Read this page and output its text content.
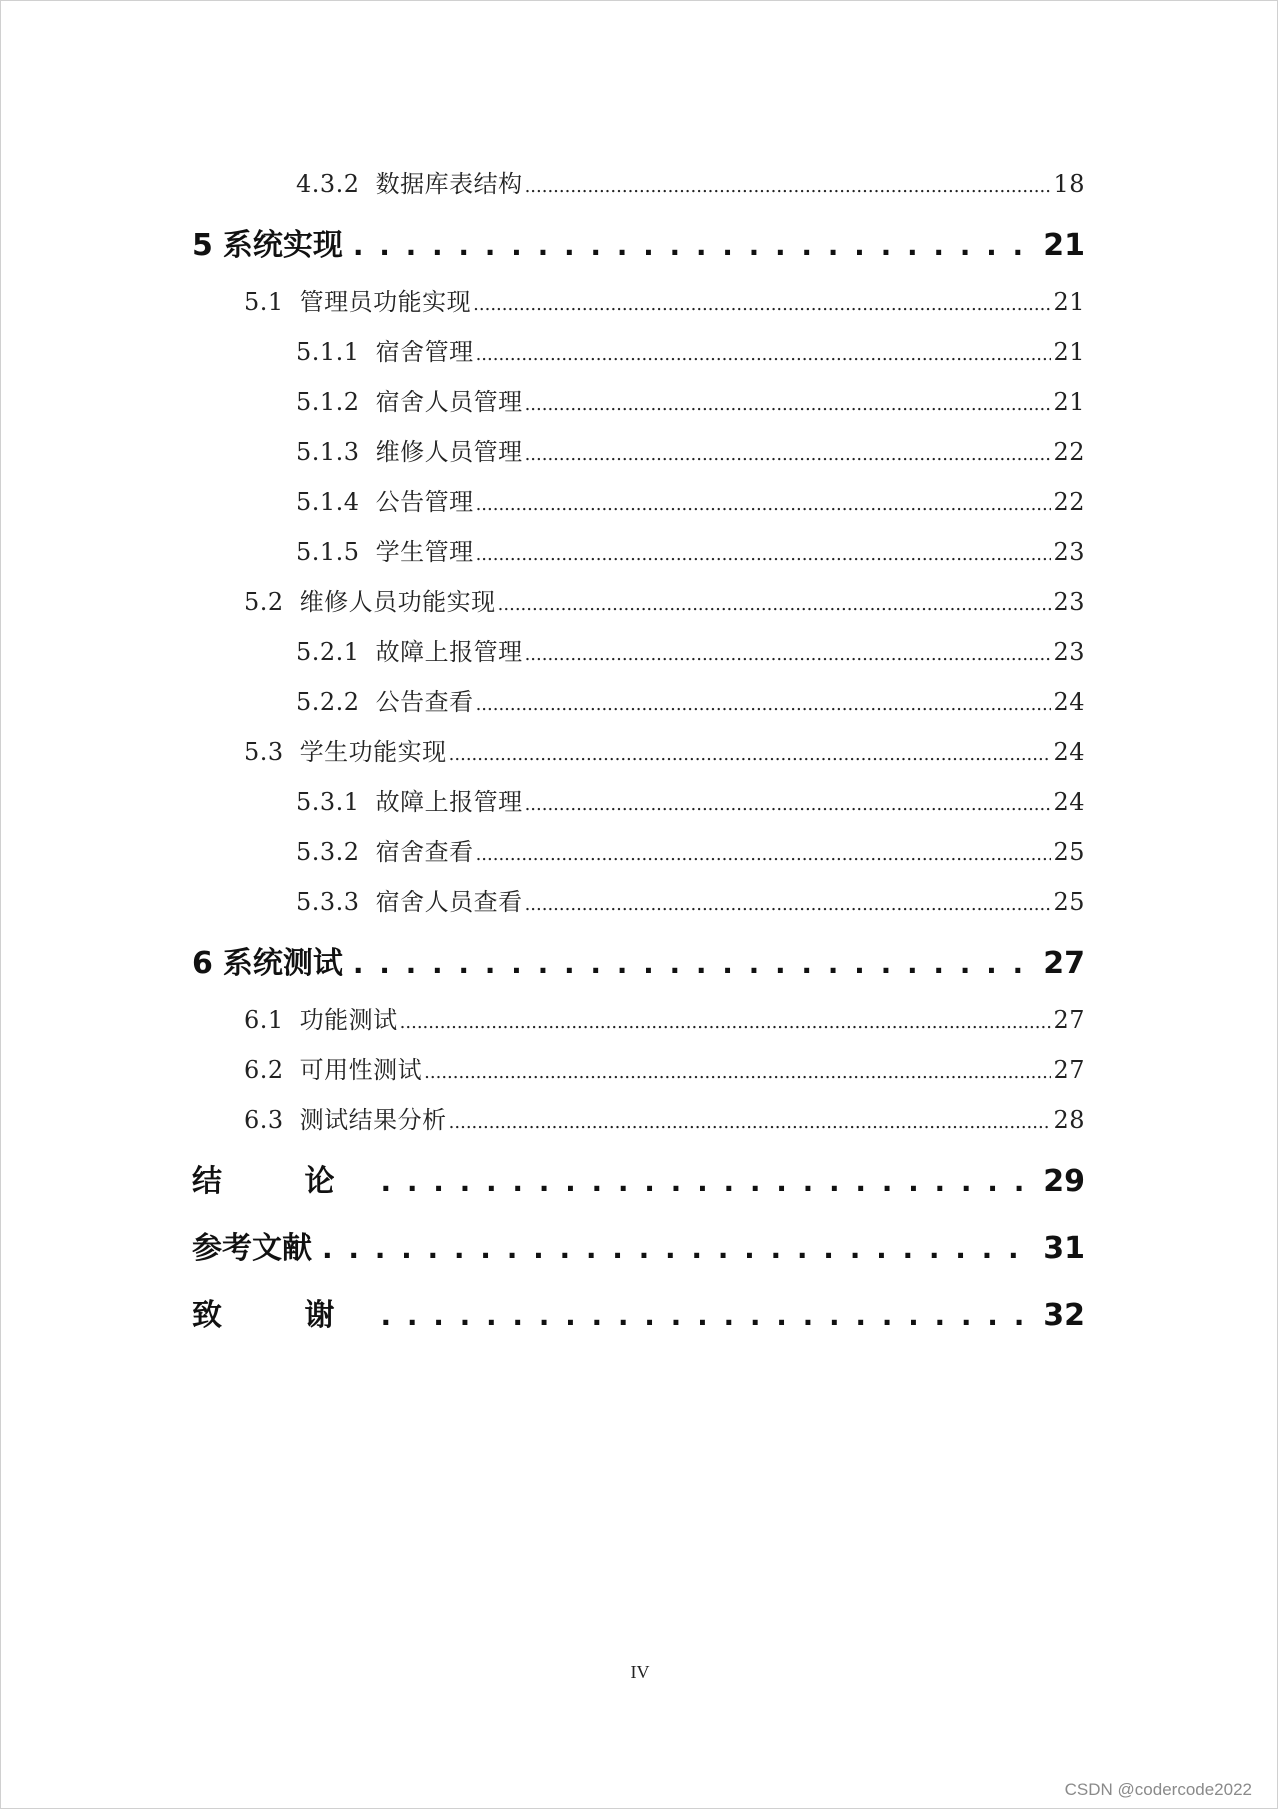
4.3.2 数据库表结构 .....	18
5 系统实现 . . .	21
5.1 管理员功能实现 .....	21
5.1.1 宿舍管理 .....	21
5.1.2 宿舍人员管理 .....	21
5.1.3 维修人员管理 .....	22
5.1.4 公告管理 .....	22
5.1.5 学生管理 .....	23
5.2 维修人员功能实现 .....	23
5.2.1 故障上报管理 .....	23
5.2.2 公告查看 .....	24
5.3 学生功能实现 .....	24
5.3.1 故障上报管理 .....	24
5.3.2 宿舍查看 .....	25
5.3.3 宿舍人员查看 .....	25
6 系统测试 . . .	27
6.1 功能测试 .....	27
6.2 可用性测试 .....	27
6.3 测试结果分析 .....	28
结 论 . . .	29
参考文献 . . .	31
致 谢 . . .	32
IV
CSDN @codercode2022
